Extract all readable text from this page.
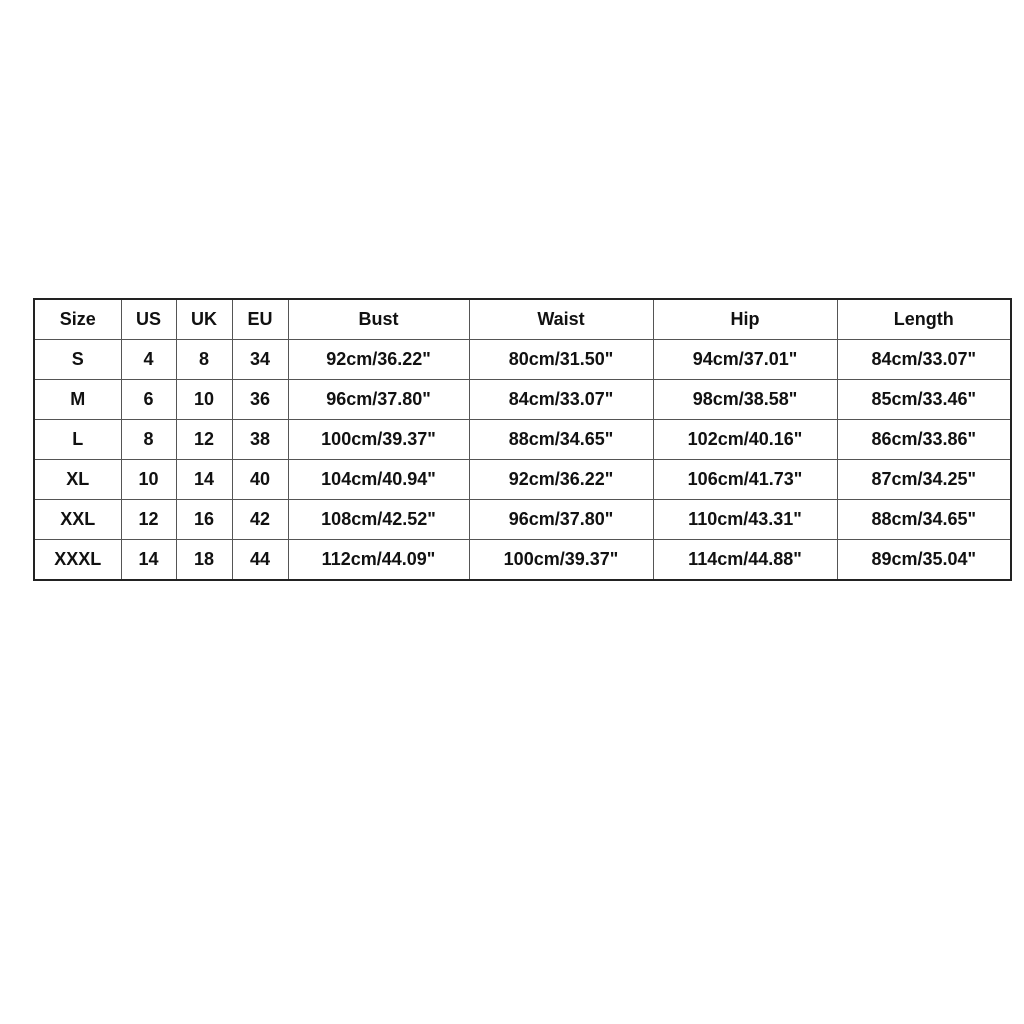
Size	US	UK	EU	Bust	Waist	Hip	Length
S	4	8	34	92cm/36.22"	80cm/31.50"	94cm/37.01"	84cm/33.07"
M	6	10	36	96cm/37.80"	84cm/33.07"	98cm/38.58"	85cm/33.46"
L	8	12	38	100cm/39.37"	88cm/34.65"	102cm/40.16"	86cm/33.86"
XL	10	14	40	104cm/40.94"	92cm/36.22"	106cm/41.73"	87cm/34.25"
XXL	12	16	42	108cm/42.52"	96cm/37.80"	110cm/43.31"	88cm/34.65"
XXXL	14	18	44	112cm/44.09"	100cm/39.37"	114cm/44.88"	89cm/35.04"
